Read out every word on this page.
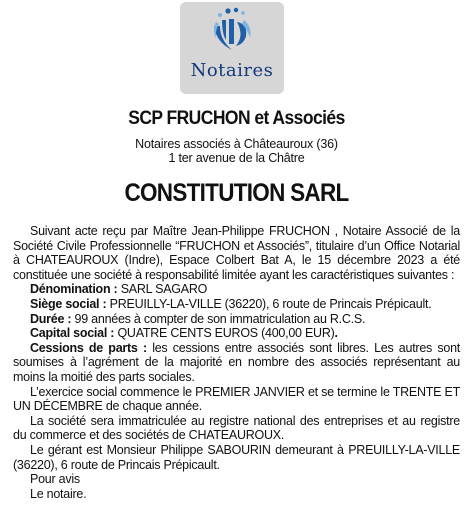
Notaires
SCP FRUCHON et Associés
Notaires associés à Châteauroux (36)
1 ter avenue de la Châtre
CONSTITUTION SARL

Suivant acte reçu par Maître Jean-Philippe FRUCHON , Notaire Associé de la Société Civile Professionnelle “FRUCHON et Associés”, titulaire d’un Office Notarial à CHATEAUROUX (Indre), Espace Colbert Bat A, le 15 décembre 2023 a été constituée une société à responsabilité limitée ayant les caractéristiques suivantes :

Dénomination : SARL SAGARO

Siège social : PREUILLY-LA-VILLE (36220), 6 route de Princais Prépicault.

Durée : 99 années à compter de son immatriculation au R.C.S.

Capital social : QUATRE CENTS EUROS (400,00 EUR).

Cessions de parts : les cessions entre associés sont libres. Les autres sont soumises à l’agrément de la majorité en nombre des associés représentant au moins la moitié des parts sociales.

L’exercice social commence le PREMIER JANVIER et se termine le TRENTE ET UN DÉCEMBRE de chaque année.

La société sera immatriculée au registre national des entreprises et au registre du commerce et des sociétés de CHATEAUROUX.

Le gérant est Monsieur Philippe SABOURIN demeurant à PREUILLY-LA-VILLE (36220), 6 route de Princais Prépicault.

Pour avis

Le notaire.
